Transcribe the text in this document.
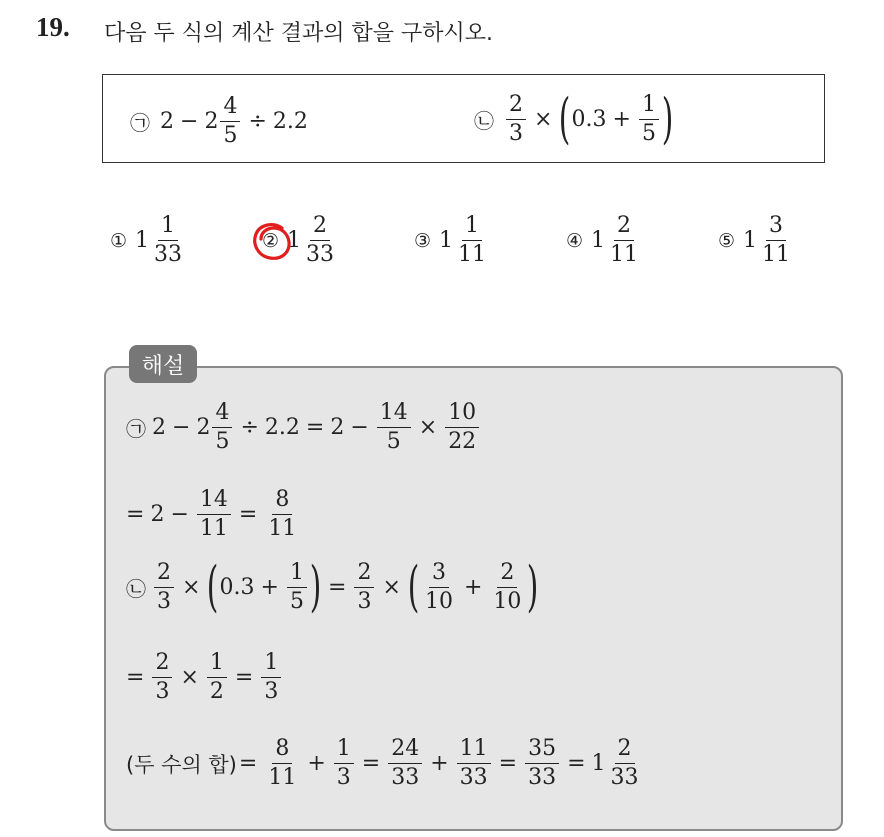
19. 다음 두 식의 계산 결과의 합을 구하시오.
㉠ $2 - 2 \frac{4}{5} \div 2.2$	㉡ $\frac{2}{3}$ × ( $0.3 + \frac{1}{5}$ )
① $1 \frac{1}{33}$	② $1 \frac{2}{33}$	③ $1 \frac{1}{11}$	④ $1 \frac{2}{11}$	⑤ $1 \frac{3}{11}$
해설
㉠ $2 - 2 \frac{4}{5} \div 2.2 = 2 - \frac{14}{5} \times \frac{10}{22}$
= $2 - \frac{14}{11} = \frac{8}{11}$
㉡ $\frac{2}{3}$ × ( $0.3 + \frac{1}{5}$ ) = $\frac{2}{3}$ × ( $\frac{3}{10} + \frac{2}{10}$ )
= $\frac{2}{3} \times \frac{1}{2} = \frac{1}{3}$
(두 수의 합) = $\frac{8}{11} + \frac{1}{3} = \frac{24}{33} + \frac{11}{33} = \frac{35}{33} = 1 \frac{2}{33}$
